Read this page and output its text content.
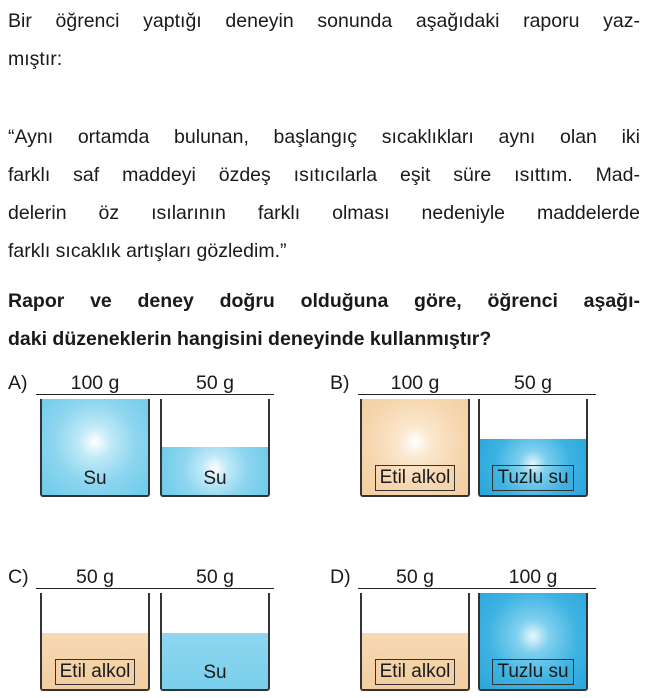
Bir öğrenci yaptığı deneyin sonunda aşağıdaki raporu yaz-
mıştır:
“Aynı ortamda bulunan, başlangıç sıcaklıkları aynı olan iki
farklı saf maddeyi özdeş ısıtıcılarla eşit süre ısıttım. Mad-
delerin öz ısılarının farklı olması nedeniyle maddelerde
farklı sıcaklık artışları gözledim.”
Rapor ve deney doğru olduğuna göre, öğrenci aşağı-
daki düzeneklerin hangisini deneyinde kullanmıştır?
A)	100 g
Su
50 g
Su
B)	100 g
Etil alkol
50 g
Tuzlu su
C)	50 g
Etil alkol
50 g
Su
D)	50 g
Etil alkol
100 g
Tuzlu su
